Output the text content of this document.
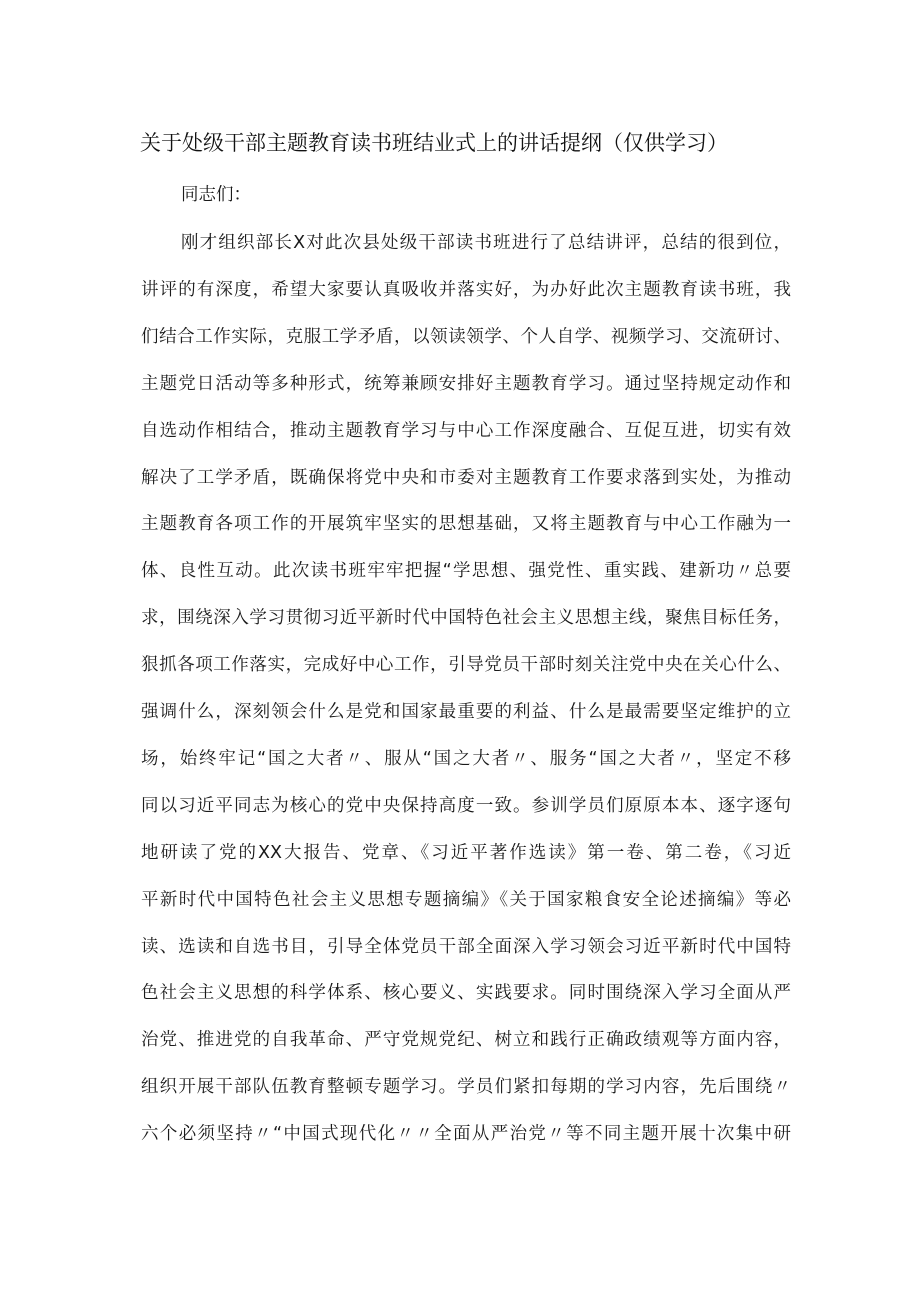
关于处级干部主题教育读书班结业式上的讲话提纲（仅供学习）

同志们：

刚才组织部长X对此次县处级干部读书班进行了总结讲评，总结的很到位，
讲评的有深度，希望大家要认真吸收并落实好，为办好此次主题教育读书班，我
们结合工作实际，克服工学矛盾，以领读领学、个人自学、视频学习、交流研讨、
主题党日活动等多种形式，统筹兼顾安排好主题教育学习。通过坚持规定动作和
自选动作相结合，推动主题教育学习与中心工作深度融合、互促互进，切实有效
解决了工学矛盾，既确保将党中央和市委对主题教育工作要求落到实处，为推动
主题教育各项工作的开展筑牢坚实的思想基础，又将主题教育与中心工作融为一
体、良性互动。此次读书班牢牢把握“学思想、强党性、重实践、建新功〃总要
求，围绕深入学习贯彻习近平新时代中国特色社会主义思想主线，聚焦目标任务，
狠抓各项工作落实，完成好中心工作，引导党员干部时刻关注党中央在关心什么、
强调什么，深刻领会什么是党和国家最重要的利益、什么是最需要坚定维护的立
场，始终牢记“国之大者〃、服从“国之大者〃、服务“国之大者〃，坚定不移
同以习近平同志为核心的党中央保持高度一致。参训学员们原原本本、逐字逐句
地研读了党的XX大报告、党章、《习近平著作选读》第一卷、第二卷，《习近
平新时代中国特色社会主义思想专题摘编》《关于国家粮食安全论述摘编》等必
读、选读和自选书目，引导全体党员干部全面深入学习领会习近平新时代中国特
色社会主义思想的科学体系、核心要义、实践要求。同时围绕深入学习全面从严
治党、推进党的自我革命、严守党规党纪、树立和践行正确政绩观等方面内容，
组织开展干部队伍教育整顿专题学习。学员们紧扣每期的学习内容，先后围绕〃
六个必须坚持〃“中国式现代化〃〃全面从严治党〃等不同主题开展十次集中研
